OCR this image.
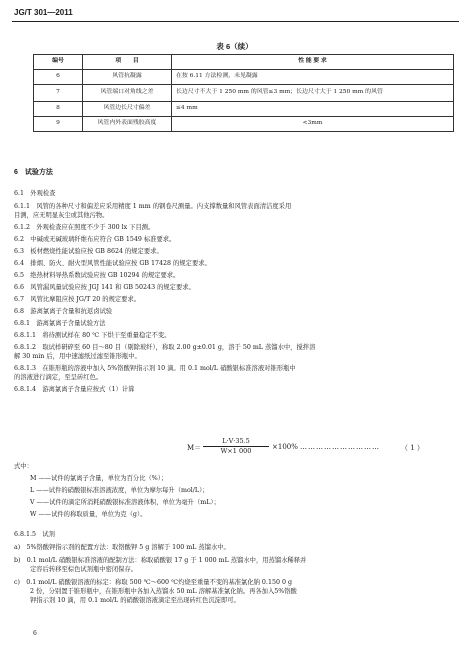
JG/T 301—2011
表 6（续）
编号	项　　目	性 能 要 求
6	风管抗凝露	在按 6.11 方法检测，未见凝露
7	风管端口对角线之差	长边尺寸不大于 1 250 mm 的风管≤3 mm；长边尺寸大于 1 250 mm 的风管
8	风管边长尺寸偏差	≤4 mm
9	风管内外表面残胶高度	<3mm
6　试验方法
6.1　外观检查
6.1.1　风管的各种尺寸和偏差应采用精度 1 mm 的钢卷尺测量。内支撑数量和风管表面清洁度采用
目测，应无明显灰尘或其他污物。
6.1.2　外观检查应在照度不少于 300 lx 下目测。
6.2　中碱或无碱玻璃纤维布应符合 GB 1549 标准要求。
6.3　板材燃烧性能试验应按 GB 8624 的规定要求。
6.4　排烟、防火、耐火型风管性能试验应按 GB 17428 的规定要求。
6.5　绝热材料导热系数试验应按 GB 10294 的规定要求。
6.6　风管漏风量试验应按 JGJ 141 和 GB 50243 的规定要求。
6.7　风管比摩阻应按 JG/T 20 的规定要求。
6.8　游离氯离子含量和抗返卤试验
6.8.1　游离氯离子含量试验方法
6.8.1.1　将待测试样在 80 ℃ 下烘干至重量稳定不变。
6.8.1.2　取试样研碎至 60 目～80 目（剔除玻纤），称取 2.00 g±0.01 g，溶于 50 mL 蒸馏水中，搅拌溶
解 30 min 后，用中速滤纸过滤至锥形瓶中。
6.8.1.3　在锥形瓶的溶液中加入 5%铬酸钾指示剂 10 滴。用 0.1 mol/L 硝酸银标准溶液对锥形瓶中
的溶液进行滴定，至呈砖红色。
6.8.1.4　游离氯离子含量应按式（1）计算
$M= \frac{L\cdot V\cdot 35.5}{W\times 1 000} \times 100\%$ …………………………	（ 1 ）
式中：
M ——试件的氯离子含量，单位为百分比（%）；
L ——试件的硝酸银标准溶液浓度，单位为摩尔每升（mol/L）；
V ——试件的滴定所消耗硝酸银标准溶液体积，单位为毫升（mL）；
W ——试件的称取质量，单位为克（g）。
6.8.1.5　试剂
a)　5%铬酸钾指示剂的配置方法：取铬酸钾 5 g 溶解于 100 mL 蒸馏水中。
b)　0.1 mol/L 硝酸银标准溶液的配制方法：称取硝酸银 17 g 于 1 000 mL 蒸馏水中，用蒸馏水稀释并
定容后转移至棕色试剂瓶中密闭保存。
c)　0.1 mol/L 硝酸银溶液的标定：称取 500 ℃～600 ℃灼烧至重量不变的基准氯化钠 0.150 0 g
2 份，分别置于锥形瓶中，在锥形瓶中各加入蒸馏水 50 mL 溶解基准氯化钠。再各加入5%铬酸
钾指示剂 10 滴，用 0.1 mol/L 的硝酸银溶液滴定至出现砖红色沉淀即可。
6
